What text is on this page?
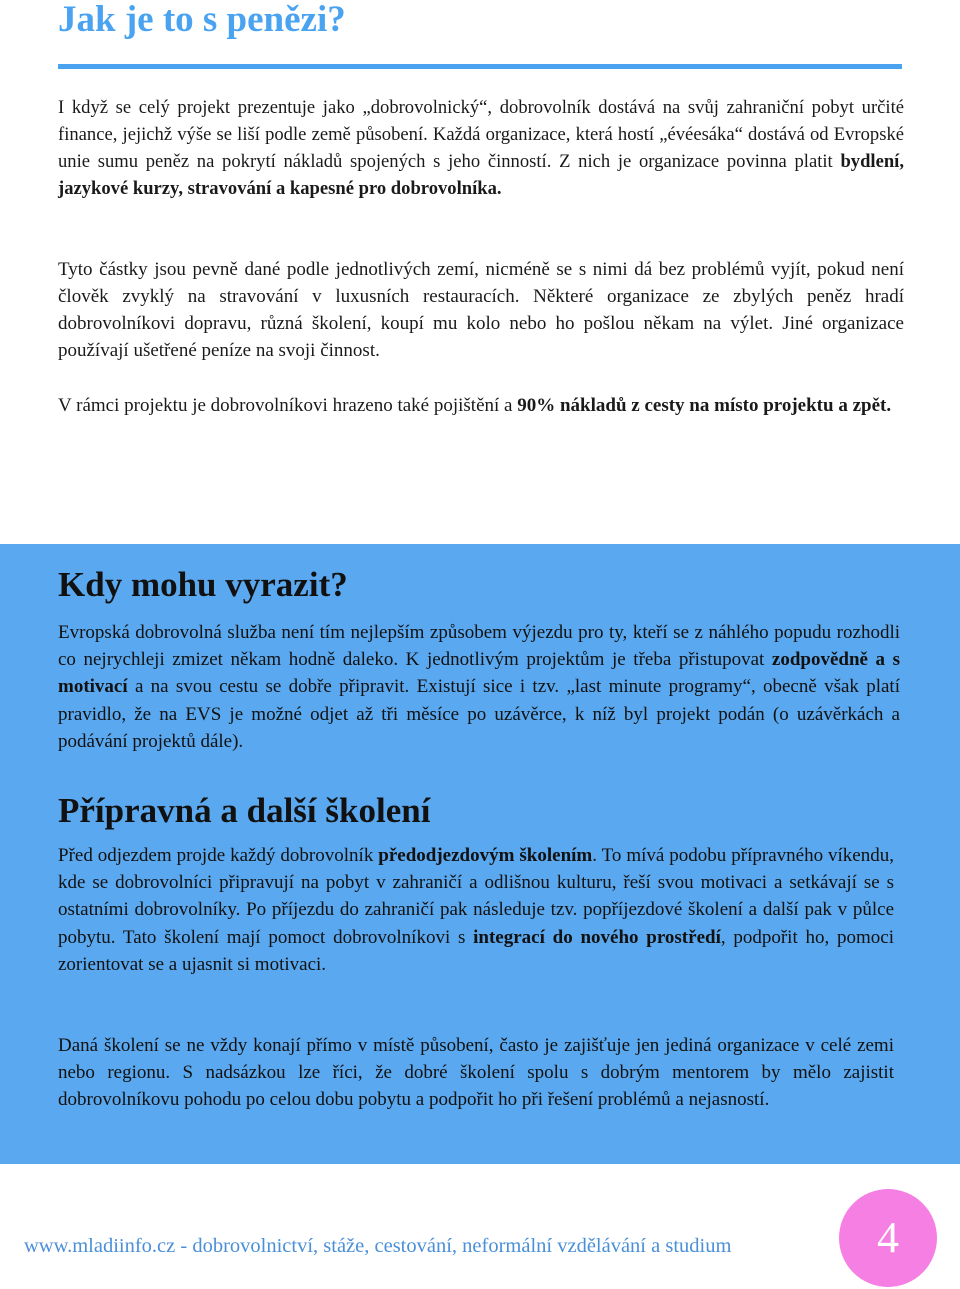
Jak je to s penězi?

I když se celý projekt prezentuje jako „dobrovolnický“, dobrovolník dostává na svůj zahraniční pobyt určité finance, jejichž výše se liší podle země působení. Každá organizace, která hostí „évéesáka“ dostává od Evropské unie sumu peněz na pokrytí nákladů spojených s jeho činností. Z nich je organizace povinna platit bydlení, jazykové kurzy, stravování a kapesné pro dobrovolníka.

Tyto částky jsou pevně dané podle jednotlivých zemí, nicméně se s nimi dá bez problémů vyjít, pokud není člověk zvyklý na stravování v luxusních restauracích. Některé organizace ze zbylých peněz hradí dobrovolníkovi dopravu, různá školení, koupí mu kolo nebo ho pošlou někam na výlet. Jiné organizace používají ušetřené peníze na svoji činnost.

V rámci projektu je dobrovolníkovi hrazeno také pojištění a 90% nákladů z cesty na místo projektu a zpět.

Kdy mohu vyrazit?

Evropská dobrovolná služba není tím nejlepším způsobem výjezdu pro ty, kteří se z náhlého popudu rozhodli co nejrychleji zmizet někam hodně daleko. K jednotlivým projektům je třeba přistupovat zodpovědně a s motivací a na svou cestu se dobře připravit. Existují sice i tzv. „last minute programy“, obecně však platí pravidlo, že na EVS je možné odjet až tři měsíce po uzávěrce, k níž byl projekt podán (o uzávěrkách a podávání projektů dále).

Přípravná a další školení

Před odjezdem projde každý dobrovolník předodjezdovým školením. To mívá podobu přípravného víkendu, kde se dobrovolníci připravují na pobyt v zahraničí a odlišnou kulturu, řeší svou motivaci a setkávají se s ostatními dobrovolníky. Po příjezdu do zahraničí pak následuje tzv. popříjezdové školení a další pak v půlce pobytu. Tato školení mají pomoct dobrovolníkovi s integrací do nového prostředí, podpořit ho, pomoci zorientovat se a ujasnit si motivaci.

Daná školení se ne vždy konají přímo v místě působení, často je zajišťuje jen jediná organizace v celé zemi nebo regionu. S nadsázkou lze říci, že dobré školení spolu s dobrým mentorem by mělo zajistit dobrovolníkovu pohodu po celou dobu pobytu a podpořit ho při řešení problémů a nejasností.

www.mladiinfo.cz - dobrovolnictví, stáže, cestování, neformální vzdělávání a studium	4
